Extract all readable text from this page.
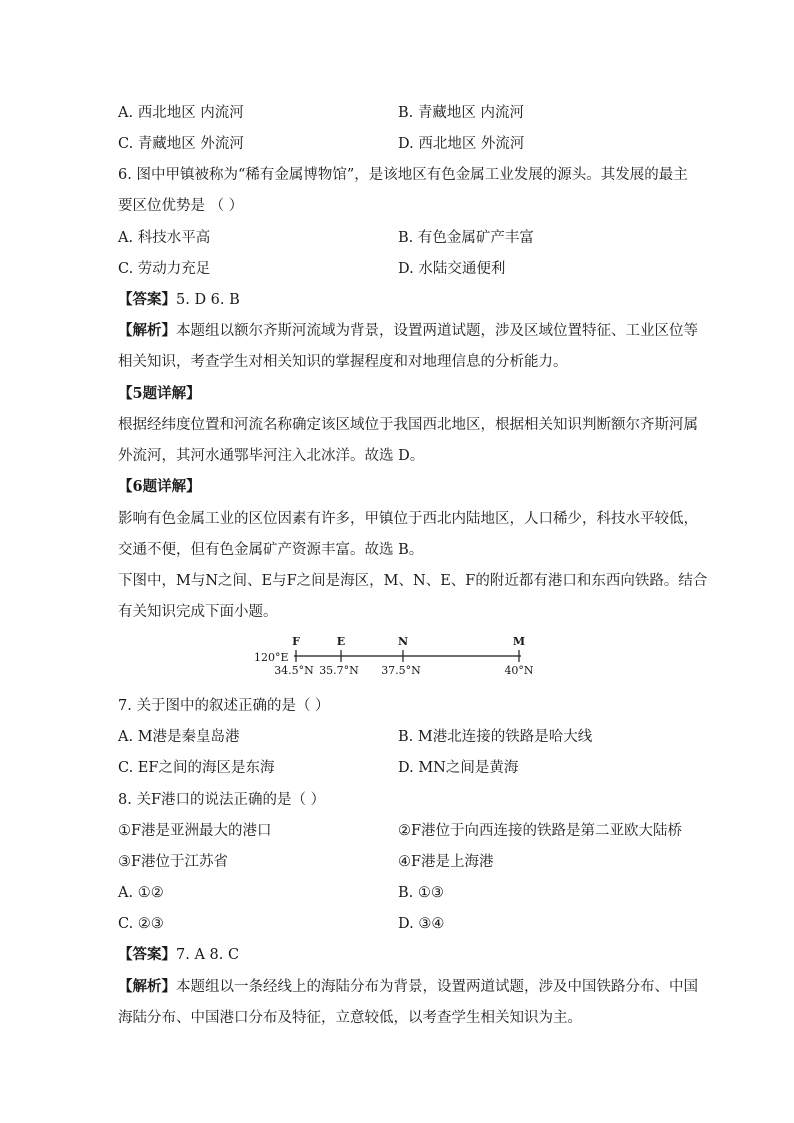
A. 西北地区 内流河	B. 青藏地区 内流河
C. 青藏地区 外流河	D. 西北地区 外流河
6. 图中甲镇被称为“稀有金属博物馆”，是该地区有色金属工业发展的源头。其发展的最主
要区位优势是 （ ）
A. 科技水平高	B. 有色金属矿产丰富
C. 劳动力充足	D. 水陆交通便利
【答案】5. D 6. B
【解析】本题组以额尔齐斯河流域为背景，设置两道试题，涉及区域位置特征、工业区位等
相关知识，考查学生对相关知识的掌握程度和对地理信息的分析能力。
【5题详解】
根据经纬度位置和河流名称确定该区域位于我国西北地区，根据相关知识判断额尔齐斯河属
外流河，其河水通鄂毕河注入北冰洋。故选 D。
【6题详解】
影响有色金属工业的区位因素有许多，甲镇位于西北内陆地区，人口稀少，科技水平较低，
交通不便，但有色金属矿产资源丰富。故选 B。
下图中，M与N之间、E与F之间是海区，M、N、E、F的附近都有港口和东西向铁路。结合
有关知识完成下面小题。
120°E
F
34.5°N
E
35.7°N
N
37.5°N
M
40°N
7. 关于图中的叙述正确的是（ ）
A. M港是秦皇岛港	B. M港北连接的铁路是哈大线
C. EF之间的海区是东海	D. MN之间是黄海
8. 关F港口的说法正确的是（ ）
①F港是亚洲最大的港口	②F港位于向西连接的铁路是第二亚欧大陆桥
③F港位于江苏省	④F港是上海港
A. ①②	B. ①③
C. ②③	D. ③④
【答案】7. A 8. C
【解析】本题组以一条经线上的海陆分布为背景，设置两道试题，涉及中国铁路分布、中国
海陆分布、中国港口分布及特征，立意较低，以考查学生相关知识为主。
